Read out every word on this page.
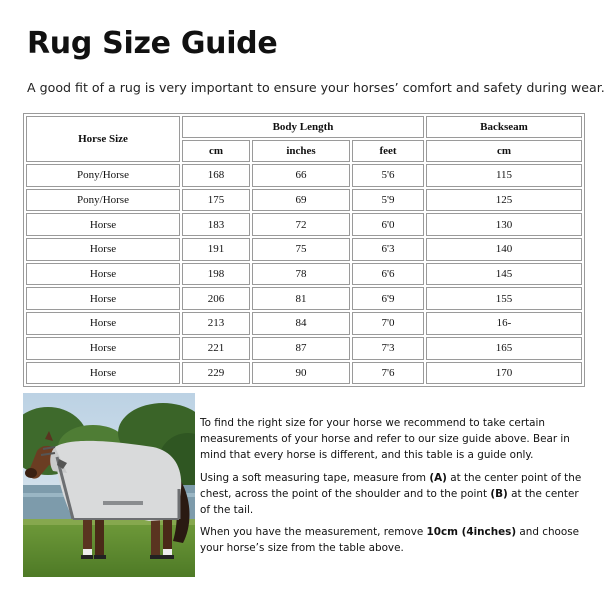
Rug Size Guide

A good fit of a rug is very important to ensure your horses’ comfort and safety during wear.

Horse Size	Body Length			Backseam
	cm	inches	feet	cm
Pony/Horse	168	66	5'6	115
Pony/Horse	175	69	5'9	125
Horse	183	72	6'0	130
Horse	191	75	6'3	140
Horse	198	78	6'6	145
Horse	206	81	6'9	155
Horse	213	84	7'0	16-
Horse	221	87	7'3	165
Horse	229	90	7'6	170

To find the right size for your horse we recommend to take certain measurements of your horse and refer to our size guide above. Bear in mind that every horse is different, and this table is a guide only.

Using a soft measuring tape, measure from (A) at the center point of the chest, across the point of the shoulder and to the point (B) at the center of the tail.

When you have the measurement, remove 10cm (4inches) and choose your horse’s size from the table above.
